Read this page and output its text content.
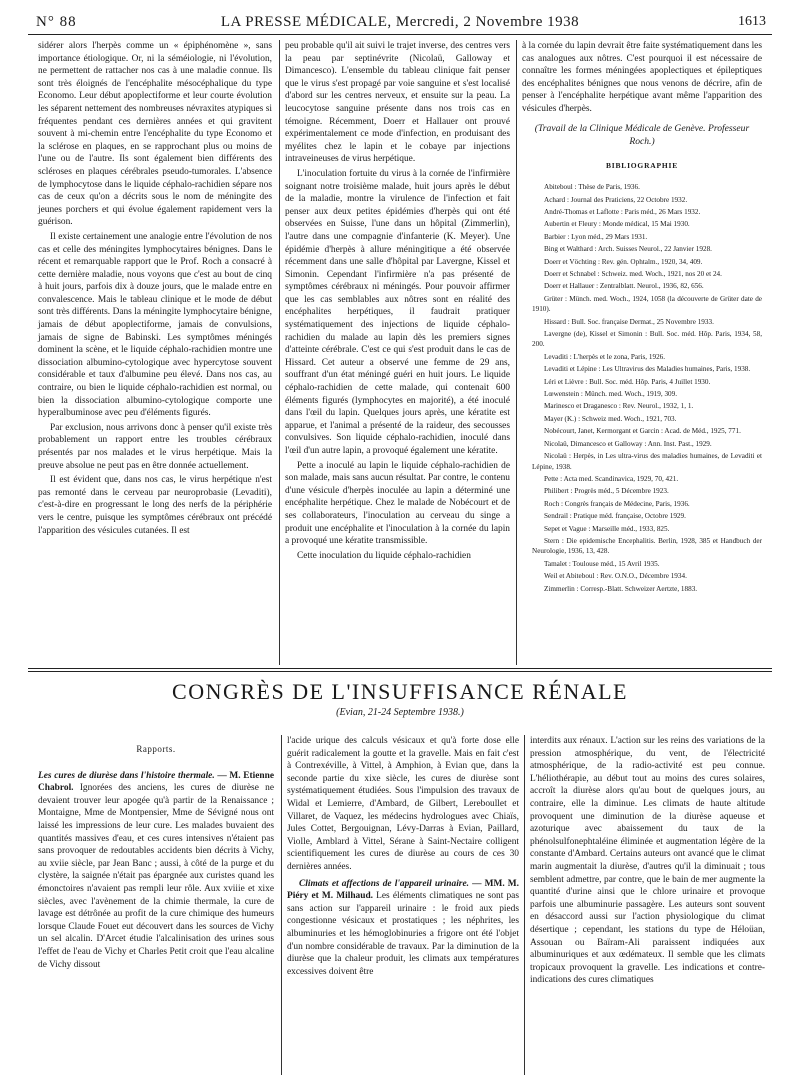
N° 88	LA PRESSE MÉDICALE, Mercredi, 2 Novembre 1938	1613

sidérer alors l'herpès comme un « épiphénomène », sans importance étiologique. Or, ni la séméiologie, ni l'évolution, ne permettent de rattacher nos cas à une maladie connue. Ils sont très éloignés de l'encéphalite mésocéphalique du type Economo. Leur début apoplectiforme et leur courte évolution les séparent nettement des nombreuses névraxites atypiques si fréquentes pendant ces dernières années et qui gravitent souvent à mi-chemin entre l'encéphalite du type Economo et la sclérose en plaques, en se rapprochant plus ou moins de l'une ou de l'autre. Ils sont également bien différents des scléroses en plaques cérébrales pseudo-tumorales. L'absence de lymphocytose dans le liquide céphalo-rachidien sépare nos cas de ceux qu'on a décrits sous le nom de méningite des jeunes porchers et qui évolue également rapidement vers la guérison.

Il existe certainement une analogie entre l'évolution de nos cas et celle des méningites lymphocytaires bénignes. Dans le récent et remarquable rapport que le Prof. Roch a consacré à cette dernière maladie, nous voyons que c'est au bout de cinq à huit jours, parfois dix à douze jours, que le malade entre en convalescence. Mais le tableau clinique et le mode de début sont très différents. Dans la méningite lymphocytaire bénigne, jamais de début apoplectiforme, jamais de convulsions, jamais de signe de Babinski. Les symptômes méningés dominent la scène, et le liquide céphalo-rachidien montre une dissociation albumino-cytologique avec hypercytose souvent considérable et taux d'albumine peu élevé. Dans nos cas, au contraire, ou bien le liquide céphalo-rachidien est normal, ou bien la dissociation albumino-cytologique comporte une hyperalbuminose avec peu d'éléments figurés.

Par exclusion, nous arrivons donc à penser qu'il existe très probablement un rapport entre les troubles cérébraux présentés par nos malades et le virus herpétique. Mais la preuve absolue ne peut pas en être donnée actuellement.

Il est évident que, dans nos cas, le virus herpétique n'est pas remonté dans le cerveau par neuroprobasie (Levaditi), c'est-à-dire en progressant le long des nerfs de la périphérie vers le centre, puisque les symptômes cérébraux ont précédé l'apparition des vésicules cutanées. Il est

peu probable qu'il ait suivi le trajet inverse, des centres vers la peau par septinévrite (Nicolaü, Galloway et Dimancesco). L'ensemble du tableau clinique fait penser que le virus s'est propagé par voie sanguine et s'est localisé d'abord sur les centres nerveux, et ensuite sur la peau. La leucocytose sanguine présente dans nos trois cas en témoigne. Récemment, Doerr et Hallauer ont prouvé expérimentalement ce mode d'infection, en produisant des myélites chez le lapin et le cobaye par injections intraveineuses de virus herpétique.

L'inoculation fortuite du virus à la cornée de l'infirmière soignant notre troisième malade, huit jours après le début de la maladie, montre la virulence de l'infection et fait penser aux deux petites épidémies d'herpès qui ont été observées en Suisse, l'une dans un hôpital (Zimmerlin), l'autre dans une compagnie d'infanterie (K. Meyer). Une épidémie d'herpès à allure méningitique a été observée récemment dans une salle d'hôpital par Lavergne, Kissel et Simonin. Cependant l'infirmière n'a pas présenté de symptômes cérébraux ni méningés. Pour pouvoir affirmer que les cas semblables aux nôtres sont en réalité des encéphalites herpétiques, il faudrait pratiquer systématiquement des injections de liquide céphalo-rachidien du malade au lapin dès les premiers signes d'atteinte cérébrale. C'est ce qui s'est produit dans le cas de Hissard. Cet auteur a observé une femme de 29 ans, souffrant d'un état méningé guéri en huit jours. Le liquide céphalo-rachidien de cette malade, qui contenait 600 éléments figurés (lymphocytes en majorité), a été inoculé dans l'œil du lapin. Quelques jours après, une kératite est apparue, et l'animal a présenté de la raideur, des secousses convulsives. Son liquide céphalo-rachidien, inoculé dans l'œil d'un autre lapin, a provoqué également une kératite.

Pette a inoculé au lapin le liquide céphalo-rachidien de son malade, mais sans aucun résultat. Par contre, le contenu d'une vésicule d'herpès inoculée au lapin a déterminé une encéphalite herpétique. Chez le malade de Nobécourt et de ses collaborateurs, l'inoculation au cerveau du singe a produit une encéphalite et l'inoculation à la cornée du lapin a provoqué une kératite transmissible.

Cette inoculation du liquide céphalo-rachidien

à la cornée du lapin devrait être faite systématiquement dans les cas analogues aux nôtres. C'est pourquoi il est nécessaire de connaître les formes méningées apoplectiques et épileptiques des encéphalites bénignes que nous venons de décrire, afin de penser à l'encéphalite herpétique avant même l'apparition des vésicules d'herpès.

(Travail de la Clinique Médicale de Genève. Professeur Roch.)
BIBLIOGRAPHIE

Abiteboul : Thèse de Paris, 1936.

Achard : Journal des Praticiens, 22 Octobre 1932.

André-Thomas et Laflotte : Paris méd., 26 Mars 1932.

Aubertin et Fleury : Monde médical, 15 Mai 1930.

Barbier : Lyon méd., 29 Mars 1931.

Bing et Walthard : Arch. Suisses Neurol., 22 Janvier 1928.

Doerr et Vöchting : Rev. gén. Ophtalm., 1920, 34, 409.

Doerr et Schnabel : Schweiz. med. Woch., 1921, nos 20 et 24.

Doerr et Hallauer : Zentralblatt. Neurol., 1936, 82, 656.

Grüter : Münch. med. Woch., 1924, 1058 (la découverte de Grüter date de 1910).

Hissard : Bull. Soc. française Dermat., 25 Novembre 1933.

Lavergne (de), Kissel et Simonin : Bull. Soc. méd. Hôp. Paris, 1934, 58, 200.

Levaditi : L'herpès et le zona, Paris, 1926.

Levaditi et Lépine : Les Ultravirus des Maladies humaines, Paris, 1938.

Léri et Lièvre : Bull. Soc. méd. Hôp. Paris, 4 Juillet 1930.

Lœwenstein : Münch. med. Woch., 1919, 309.

Marinesco et Draganesco : Rev. Neurol., 1932, 1, 1.

Mayer (K.) : Schweiz med. Woch., 1921, 703.

Nobécourt, Janet, Kermorgant et Garcin : Acad. de Méd., 1925, 771.

Nicolaü, Dimancesco et Galloway : Ann. Inst. Past., 1929.

Nicolaü : Herpès, in Les ultra-virus des maladies humaines, de Levaditi et Lépine, 1938.

Pette : Acta med. Scandinavica, 1929, 70, 421.

Philibert : Progrès méd., 5 Décembre 1923.

Roch : Congrès français de Médecine, Paris, 1936.

Sendrail : Pratique méd. française, Octobre 1929.

Sepet et Vague : Marseille méd., 1933, 825.

Stern : Die epidemische Encephalitis. Berlin, 1928, 385 et Handbuch der Neurologie, 1936, 13, 428.

Tamalet : Toulouse méd., 15 Avril 1935.

Weil et Abiteboul : Rev. O.N.O., Décembre 1934.

Zimmerlin : Corresp.-Blatt. Schweizer Aertzte, 1883.

CONGRÈS DE L'INSUFFISANCE RÉNALE
(Evian, 21-24 Septembre 1938.)
Rapports.

Les cures de diurèse dans l'histoire thermale. — M. Etienne Chabrol. Ignorées des anciens, les cures de diurèse ne devaient trouver leur apogée qu'à partir de la Renaissance ; Montaigne, Mme de Montpensier, Mme de Sévigné nous ont laissé les impressions de leur cure. Les malades buvaient des quantités massives d'eau, et ces cures intensives n'étaient pas sans provoquer de redoutables accidents bien décrits à Vichy, au xviie siècle, par Jean Banc ; aussi, à côté de la purge et du clystère, la saignée n'était pas épargnée aux curistes quand les émonctoires n'avaient pas rempli leur rôle. Aux xviiie et xixe siècles, avec l'avènement de la chimie thermale, la cure de lavage est détrônée au profit de la cure chimique des humeurs lorsque Claude Fouet eut découvert dans les sources de Vichy un sel alcalin. D'Arcet étudie l'alcalinisation des urines sous l'effet de l'eau de Vichy et Charles Petit croit que l'eau alcaline de Vichy dissout

l'acide urique des calculs vésicaux et qu'à forte dose elle guérit radicalement la goutte et la gravelle. Mais en fait c'est à Contrexéville, à Vittel, à Amphion, à Evian que, dans la seconde partie du xixe siècle, les cures de diurèse sont systématiquement étudiées. Sous l'impulsion des travaux de Widal et Lemierre, d'Ambard, de Gilbert, Lereboullet et Villaret, de Vaquez, les médecins hydrologues avec Chiaïs, Jules Cottet, Bergouignan, Lévy-Darras à Evian, Paillard, Violle, Amblard à Vittel, Sérane à Saint-Nectaire colligent scientifiquement les cures de diurèse au cours de ces 30 dernières années.

Climats et affections de l'appareil urinaire. — MM. M. Piéry et M. Milhaud. Les éléments climatiques ne sont pas sans action sur l'appareil urinaire : le froid aux pieds congestionne vésicaux et prostatiques ; les néphrites, les albuminuries et les hémoglobinuries a frigore ont été l'objet d'un nombre considérable de travaux. Par la diminution de la diurèse que la chaleur produit, les climats aux températures excessives doivent être

interdits aux rénaux. L'action sur les reins des variations de la pression atmosphérique, du vent, de l'électricité atmosphérique, de la radio-activité est peu connue. L'héliothérapie, au début tout au moins des cures solaires, accroît la diurèse alors qu'au bout de quelques jours, au contraire, elle la diminue. Les climats de haute altitude provoquent une diminution de la diurèse aqueuse et azoturique avec abaissement du taux de la phénolsulfonephtaléine éliminée et augmentation légère de la constante d'Ambard. Certains auteurs ont avancé que le climat marin augmentait la diurèse, d'autres qu'il la diminuait ; tous semblent admettre, par contre, que le bain de mer augmente la quantité d'urine ainsi que le chlore urinaire et provoque parfois une albuminurie passagère. Les auteurs sont souvent en désaccord aussi sur l'action physiologique du climat désertique ; cependant, les stations du type de Héloüan, Assouan ou Baïram-Ali paraissent indiquées aux albuminuriques et aux œdémateux. Il semble que les climats tropicaux provoquent la gravelle. Les indications et contre-indications des cures climatiques
